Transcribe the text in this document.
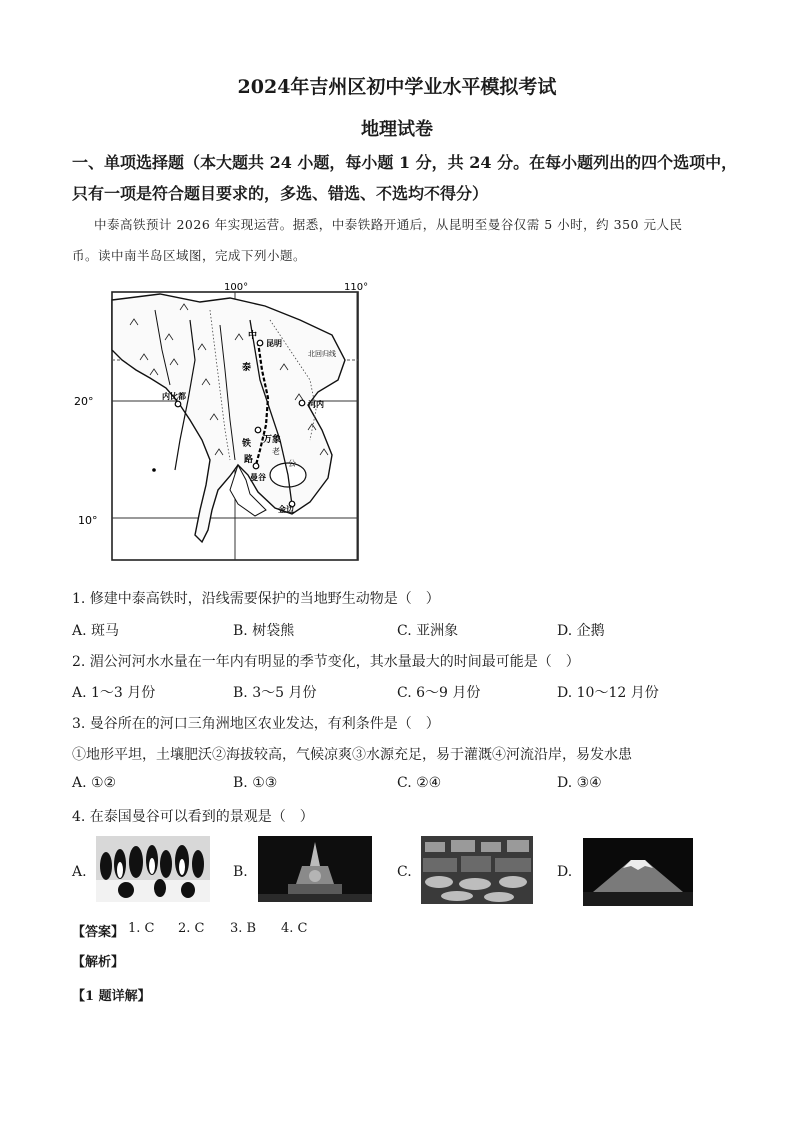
2024年吉州区初中学业水平模拟考试
地理试卷
一、单项选择题（本大题共 24 小题，每小题 1 分，共 24 分。在每小题列出的四个选项中，
只有一项是符合题目要求的，多选、错选、不选均不得分）
中泰高铁预计 2026 年实现运营。据悉，中泰铁路开通后，从昆明至曼谷仅需 5 小时，约 350 元人民
币。读中南半岛区域图，完成下列小题。
100°	110°
20°
10°
中
昆明
北回归线
泰
内比都
河内
万象
老
铁
路
曼谷
金边
公
1. 修建中泰高铁时，沿线需要保护的当地野生动物是（　）
A. 斑马	B. 树袋熊	C. 亚洲象	D. 企鹅
2. 湄公河河水水量在一年内有明显的季节变化，其水量最大的时间最可能是（　）
A. 1～3 月份	B. 3～5 月份	C. 6～9 月份	D. 10～12 月份
3. 曼谷所在的河口三角洲地区农业发达，有利条件是（　）
①地形平坦，土壤肥沃②海拔较高，气候凉爽③水源充足，易于灌溉④河流沿岸，易发水患
A. ①②	B. ①③	C. ②④	D. ③④
4. 在泰国曼谷可以看到的景观是（　）
A.	B.	C.	D.
【答案】 1. C 2. C 3. B 4. C
【解析】
【1 题详解】
